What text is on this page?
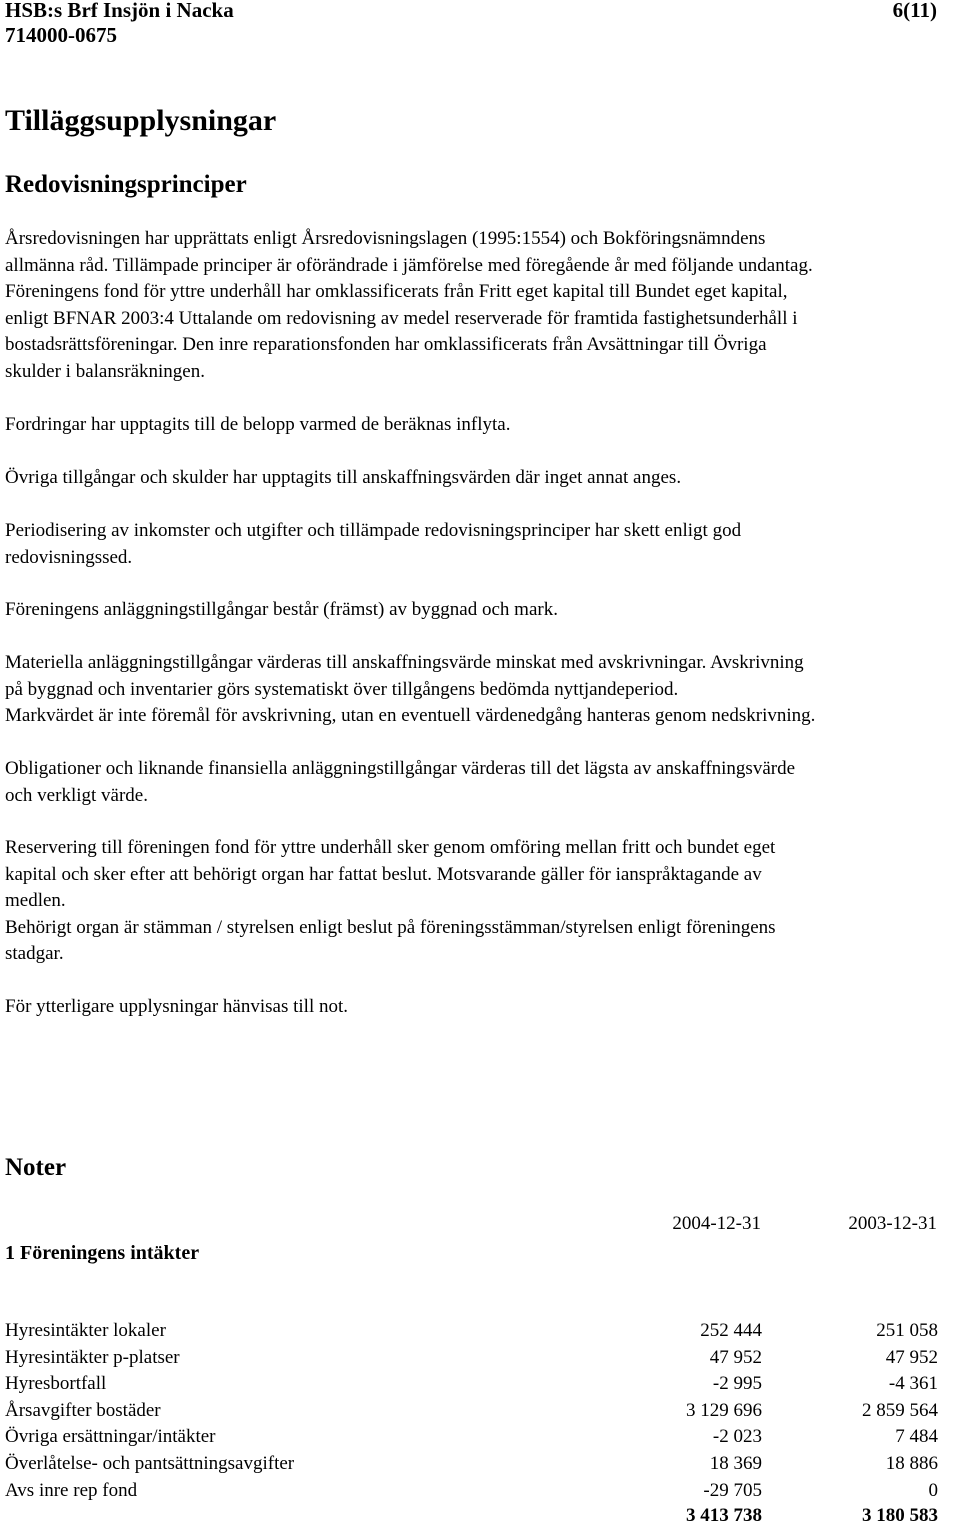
HSB:s Brf Insjön i Nacka
714000-0675
6(11)
Tilläggsupplysningar
Redovisningsprinciper
Årsredovisningen har upprättats enligt Årsredovisningslagen (1995:1554) och Bokföringsnämndens
allmänna råd. Tillämpade principer är oförändrade i jämförelse med föregående år med följande undantag.
Föreningens fond för yttre underhåll har omklassificerats från Fritt eget kapital till Bundet eget kapital,
enligt BFNAR 2003:4 Uttalande om redovisning av medel reserverade för framtida fastighetsunderhåll i
bostadsrättsföreningar. Den inre reparationsfonden har omklassificerats från Avsättningar till Övriga
skulder i balansräkningen.
Fordringar har upptagits till de belopp varmed de beräknas inflyta.
Övriga tillgångar och skulder har upptagits till anskaffningsvärden där inget annat anges.
Periodisering av inkomster och utgifter och tillämpade redovisningsprinciper har skett enligt god
redovisningssed.
Föreningens anläggningstillgångar består (främst) av byggnad och mark.
Materiella anläggningstillgångar värderas till anskaffningsvärde minskat med avskrivningar. Avskrivning
på byggnad och inventarier görs systematiskt över tillgångens bedömda nyttjandeperiod.
Markvärdet är inte föremål för avskrivning, utan en eventuell värdenedgång hanteras genom nedskrivning.
Obligationer och liknande finansiella anläggningstillgångar värderas till det lägsta av anskaffningsvärde
och verkligt värde.
Reservering till föreningen fond för yttre underhåll sker genom omföring mellan fritt och bundet eget
kapital och sker efter att behörigt organ har fattat beslut. Motsvarande gäller för ianspråktagande av
medlen.
Behörigt organ är stämman / styrelsen enligt beslut på föreningsstämman/styrelsen enligt föreningens
stadgar.
För ytterligare upplysningar hänvisas till not.
Noter
1 Föreningens intäkter
2004-12-31	2003-12-31
Hyresintäkter lokaler	252 444	251 058
Hyresintäkter p-platser	47 952	47 952
Hyresbortfall	-2 995	-4 361
Årsavgifter bostäder	3 129 696	2 859 564
Övriga ersättningar/intäkter	-2 023	7 484
Överlåtelse- och pantsättningsavgifter	18 369	18 886
Avs inre rep fond	-29 705	0
3 413 738	3 180 583
